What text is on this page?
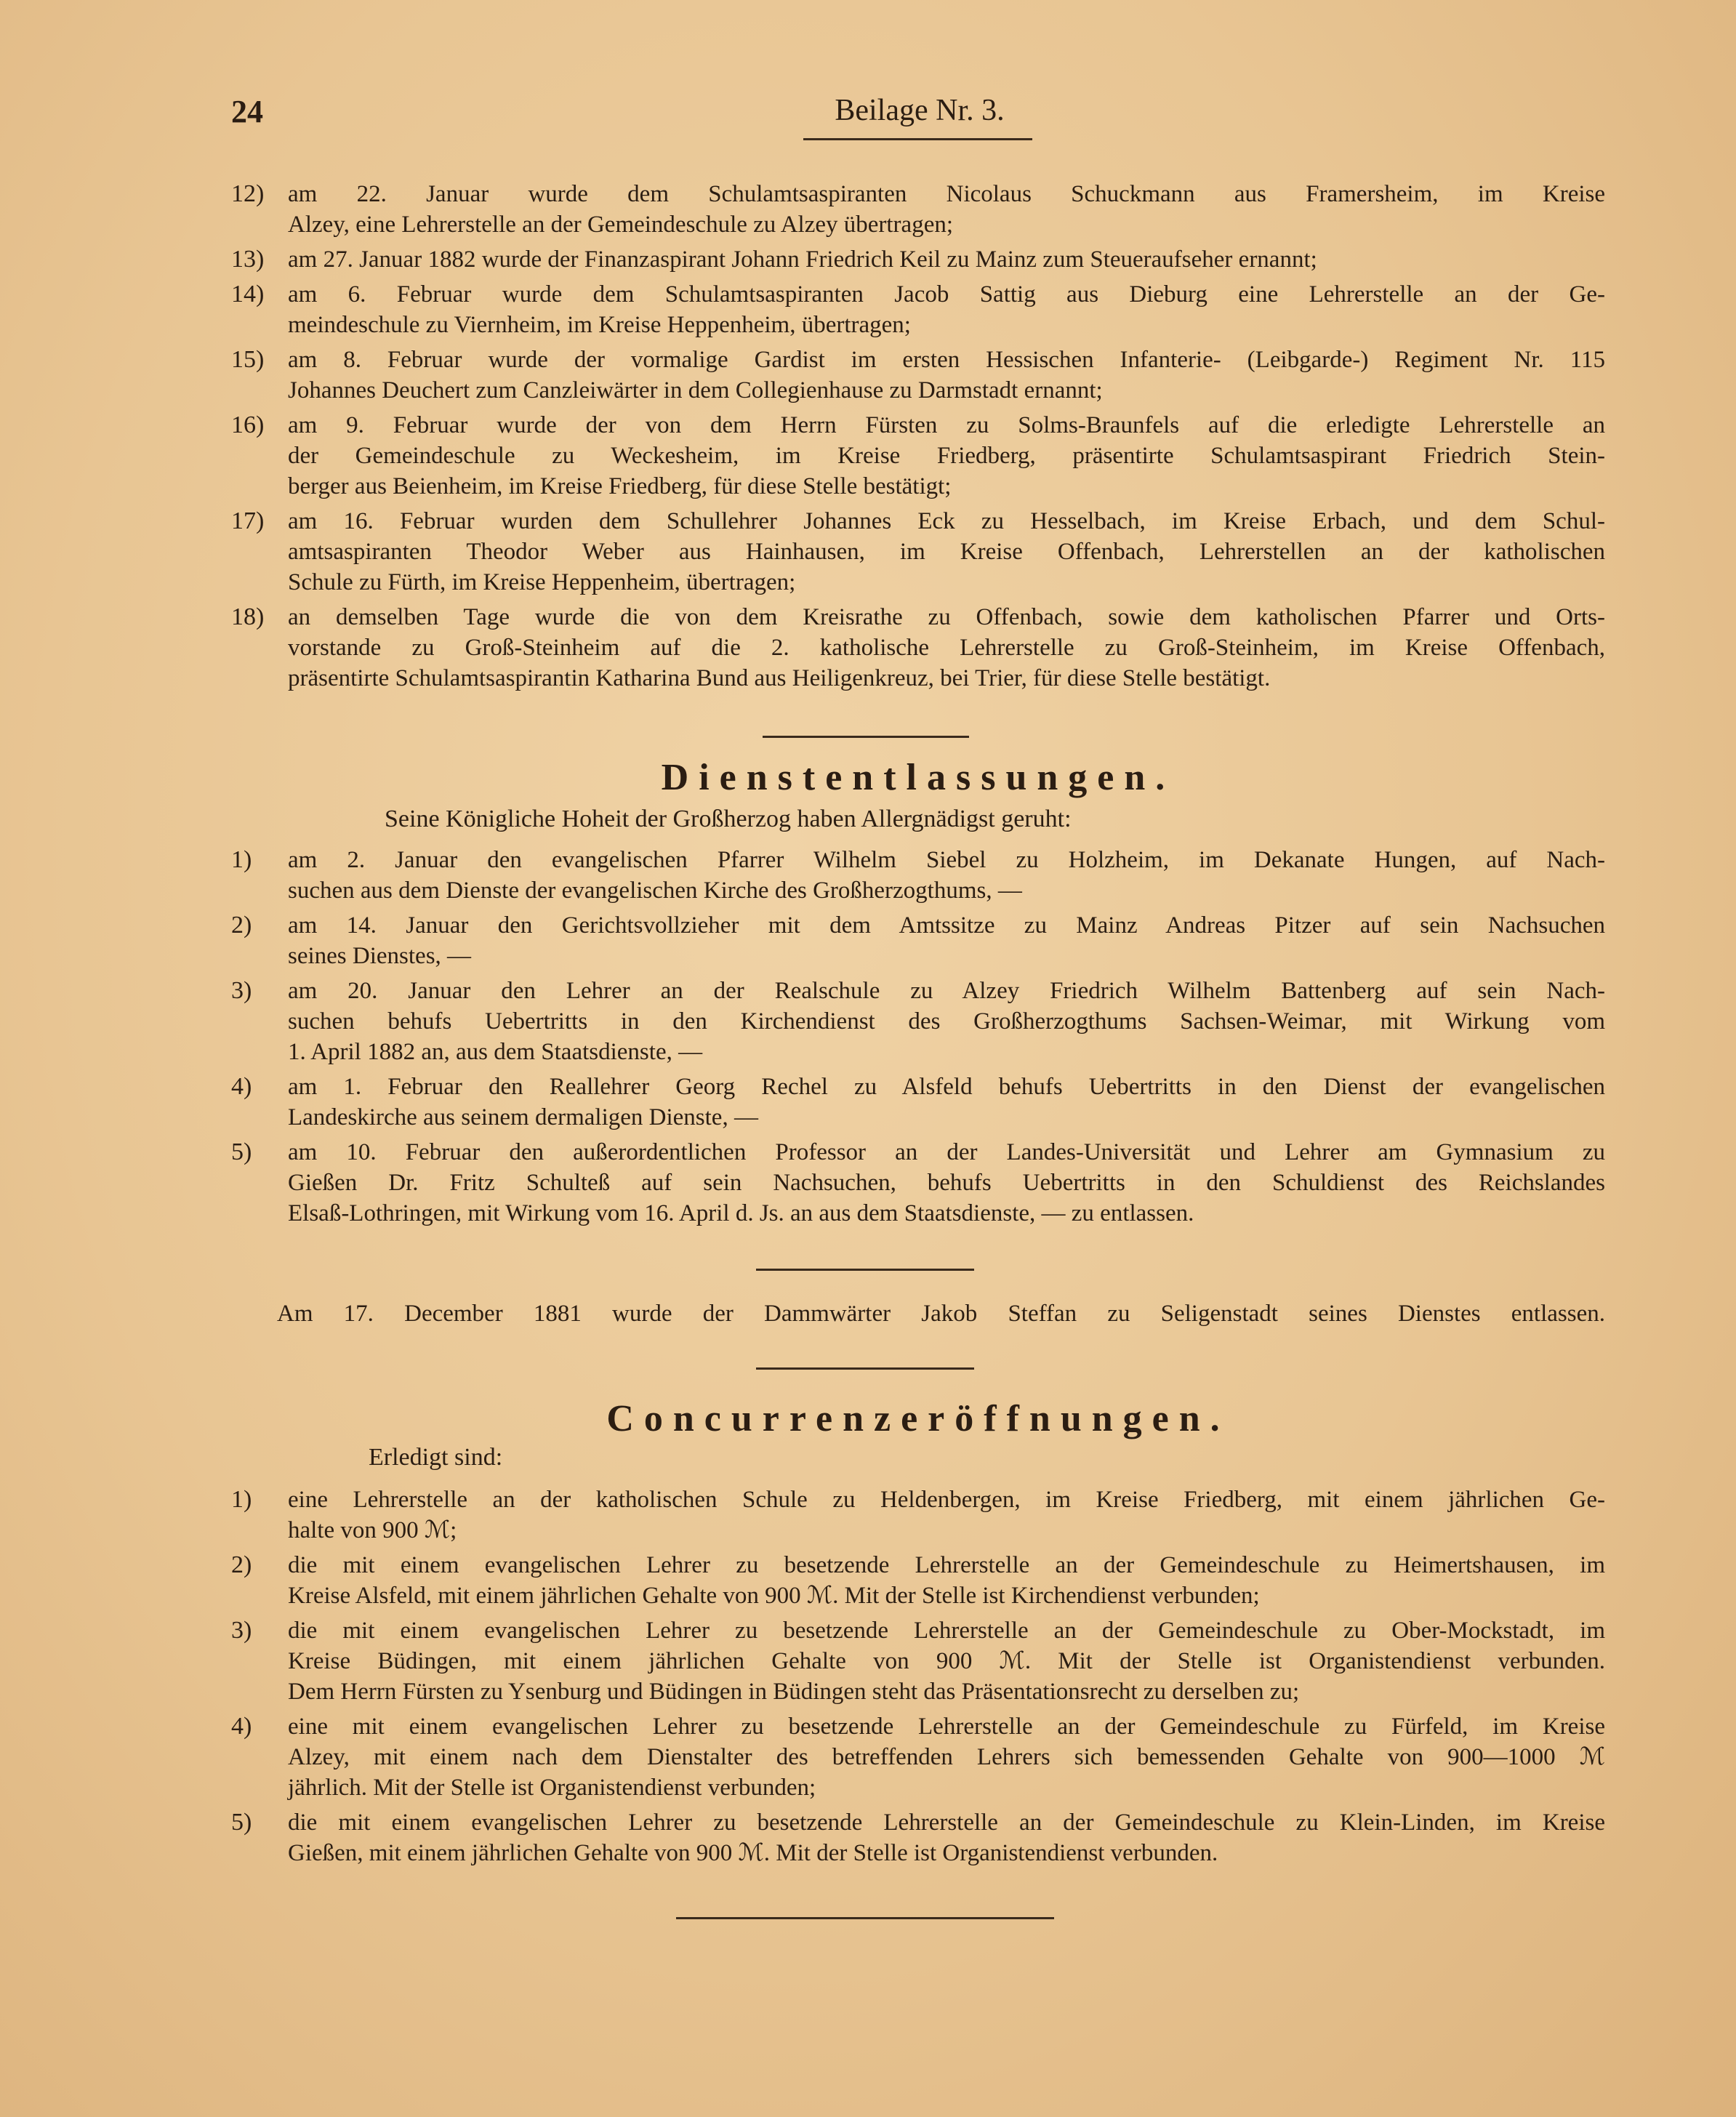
24	Beilage Nr. 3.
12) am 22. Januar wurde dem Schulamtsaspiranten Nicolaus Schuckmann aus Framersheim, im Kreise
Alzey, eine Lehrerstelle an der Gemeindeschule zu Alzey übertragen;
13) am 27. Januar 1882 wurde der Finanzaspirant Johann Friedrich Keil zu Mainz zum Steueraufseher ernannt;
14) am 6. Februar wurde dem Schulamtsaspiranten Jacob Sattig aus Dieburg eine Lehrerstelle an der Ge-
meindeschule zu Viernheim, im Kreise Heppenheim, übertragen;
15) am 8. Februar wurde der vormalige Gardist im ersten Hessischen Infanterie- (Leibgarde-) Regiment Nr. 115
Johannes Deuchert zum Canzleiwärter in dem Collegienhause zu Darmstadt ernannt;
16) am 9. Februar wurde der von dem Herrn Fürsten zu Solms-Braunfels auf die erledigte Lehrerstelle an
der Gemeindeschule zu Weckesheim, im Kreise Friedberg, präsentirte Schulamtsaspirant Friedrich Stein-
berger aus Beienheim, im Kreise Friedberg, für diese Stelle bestätigt;
17) am 16. Februar wurden dem Schullehrer Johannes Eck zu Hesselbach, im Kreise Erbach, und dem Schul-
amtsaspiranten Theodor Weber aus Hainhausen, im Kreise Offenbach, Lehrerstellen an der katholischen
Schule zu Fürth, im Kreise Heppenheim, übertragen;
18) an demselben Tage wurde die von dem Kreisrathe zu Offenbach, sowie dem katholischen Pfarrer und Orts-
vorstande zu Groß-Steinheim auf die 2. katholische Lehrerstelle zu Groß-Steinheim, im Kreise Offenbach,
präsentirte Schulamtsaspirantin Katharina Bund aus Heiligenkreuz, bei Trier, für diese Stelle bestätigt.
Dienstentlassungen.
Seine Königliche Hoheit der Großherzog haben Allergnädigst geruht:
1)	am 2. Januar den evangelischen Pfarrer Wilhelm Siebel zu Holzheim, im Dekanate Hungen, auf Nach-
suchen aus dem Dienste der evangelischen Kirche des Großherzogthums, —
2)	am 14. Januar den Gerichtsvollzieher mit dem Amtssitze zu Mainz Andreas Pitzer auf sein Nachsuchen
seines Dienstes, —
3)	am 20. Januar den Lehrer an der Realschule zu Alzey Friedrich Wilhelm Battenberg auf sein Nach-
suchen behufs Uebertritts in den Kirchendienst des Großherzogthums Sachsen-Weimar, mit Wirkung vom
1. April 1882 an, aus dem Staatsdienste, —
4)	am 1. Februar den Reallehrer Georg Rechel zu Alsfeld behufs Uebertritts in den Dienst der evangelischen
Landeskirche aus seinem dermaligen Dienste, —
5)	am 10. Februar den außerordentlichen Professor an der Landes-Universität und Lehrer am Gymnasium zu
Gießen Dr. Fritz Schulteß auf sein Nachsuchen, behufs Uebertritts in den Schuldienst des Reichslandes
Elsaß-Lothringen, mit Wirkung vom 16. April d. Js. an aus dem Staatsdienste, — zu entlassen.
Am 17. December 1881 wurde der Dammwärter Jakob Steffan zu Seligenstadt seines Dienstes entlassen.
Concurrenzeröffnungen.
Erledigt sind:
1)	eine Lehrerstelle an der katholischen Schule zu Heldenbergen, im Kreise Friedberg, mit einem jährlichen Ge-
halte von 900 ℳ;
2)	die mit einem evangelischen Lehrer zu besetzende Lehrerstelle an der Gemeindeschule zu Heimertshausen, im
Kreise Alsfeld, mit einem jährlichen Gehalte von 900 ℳ. Mit der Stelle ist Kirchendienst verbunden;
3)	die mit einem evangelischen Lehrer zu besetzende Lehrerstelle an der Gemeindeschule zu Ober-Mockstadt, im
Kreise Büdingen, mit einem jährlichen Gehalte von 900 ℳ. Mit der Stelle ist Organistendienst verbunden.
Dem Herrn Fürsten zu Ysenburg und Büdingen in Büdingen steht das Präsentationsrecht zu derselben zu;
4)	eine mit einem evangelischen Lehrer zu besetzende Lehrerstelle an der Gemeindeschule zu Fürfeld, im Kreise
Alzey, mit einem nach dem Dienstalter des betreffenden Lehrers sich bemessenden Gehalte von 900—1000 ℳ
jährlich. Mit der Stelle ist Organistendienst verbunden;
5)	die mit einem evangelischen Lehrer zu besetzende Lehrerstelle an der Gemeindeschule zu Klein-Linden, im Kreise
Gießen, mit einem jährlichen Gehalte von 900 ℳ. Mit der Stelle ist Organistendienst verbunden.
